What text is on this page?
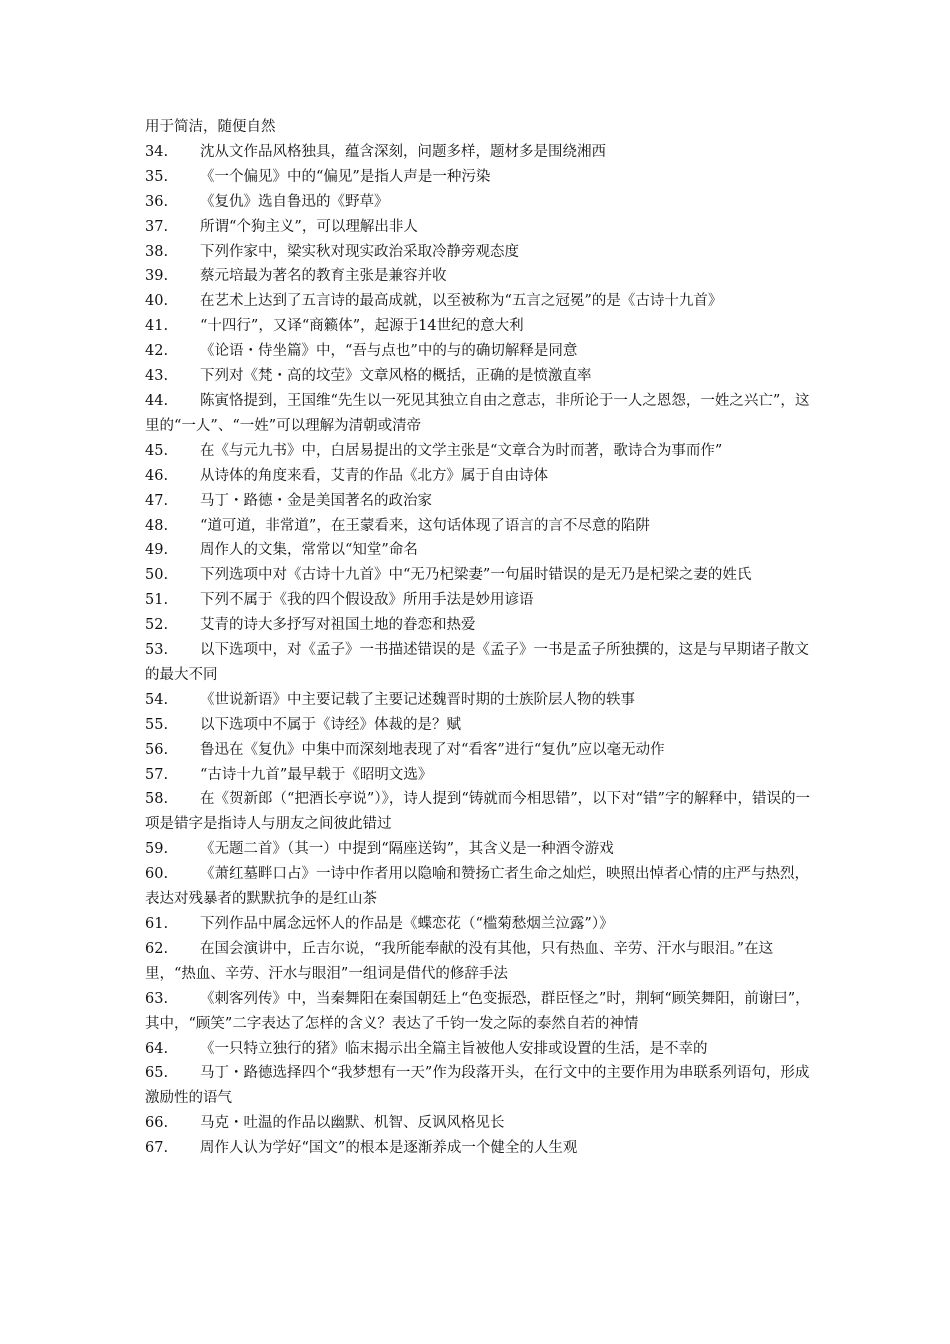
用于简洁，随便自然

34. 沈从文作品风格独具，蕴含深刻，问题多样，题材多是围绕湘西

35. 《一个偏见》中的“偏见”是指人声是一种污染

36. 《复仇》选自鲁迅的《野草》

37. 所谓“个狗主义”，可以理解出非人

38. 下列作家中，梁实秋对现实政治采取冷静旁观态度

39. 蔡元培最为著名的教育主张是兼容并收

40. 在艺术上达到了五言诗的最高成就，以至被称为“五言之冠冕”的是《古诗十九首》

41. “十四行”，又译“商籁体”，起源于14世纪的意大利

42. 《论语・侍坐篇》中，“吾与点也”中的与的确切解释是同意

43. 下列对《梵・高的坟茔》文章风格的概括，正确的是愤激直率

44. 陈寅恪提到，王国维“先生以一死见其独立自由之意志，非所论于一人之恩怨，一姓之兴亡”，这里的“一人”、“一姓”可以理解为清朝或清帝

45. 在《与元九书》中，白居易提出的文学主张是“文章合为时而著，歌诗合为事而作”

46. 从诗体的角度来看，艾青的作品《北方》属于自由诗体

47. 马丁・路德・金是美国著名的政治家

48. “道可道，非常道”，在王蒙看来，这句话体现了语言的言不尽意的陷阱

49. 周作人的文集，常常以“知堂”命名

50. 下列选项中对《古诗十九首》中“无乃杞梁妻”一句届时错误的是无乃是杞梁之妻的姓氏

51. 下列不属于《我的四个假设敌》所用手法是妙用谚语

52. 艾青的诗大多抒写对祖国土地的眷恋和热爱

53. 以下选项中，对《孟子》一书描述错误的是《孟子》一书是孟子所独撰的，这是与早期诸子散文的最大不同

54. 《世说新语》中主要记载了主要记述魏晋时期的士族阶层人物的轶事

55. 以下选项中不属于《诗经》体裁的是？赋

56. 鲁迅在《复仇》中集中而深刻地表现了对“看客”进行“复仇”应以毫无动作

57. “古诗十九首”最早载于《昭明文选》

58. 在《贺新郎（“把酒长亭说”）》，诗人提到“铸就而今相思错”，以下对“错”字的解释中，错误的一项是错字是指诗人与朋友之间彼此错过

59. 《无题二首》（其一）中提到“隔座送钩”，其含义是一种酒令游戏

60. 《萧红墓畔口占》一诗中作者用以隐喻和赞扬亡者生命之灿烂，映照出悼者心情的庄严与热烈，表达对残暴者的默默抗争的是红山茶

61. 下列作品中属念远怀人的作品是《蝶恋花（“槛菊愁烟兰泣露”）》

62. 在国会演讲中，丘吉尔说，“我所能奉献的没有其他，只有热血、辛劳、汗水与眼泪。”在这里，“热血、辛劳、汗水与眼泪”一组词是借代的修辞手法

63. 《刺客列传》中，当秦舞阳在秦国朝廷上“色变振恐，群臣怪之”时，荆轲“顾笑舞阳，前谢曰”，其中，“顾笑”二字表达了怎样的含义？表达了千钧一发之际的泰然自若的神情

64. 《一只特立独行的猪》临末揭示出全篇主旨被他人安排或设置的生活，是不幸的

65. 马丁・路德选择四个“我梦想有一天”作为段落开头，在行文中的主要作用为串联系列语句，形成激励性的语气

66. 马克・吐温的作品以幽默、机智、反讽风格见长

67. 周作人认为学好“国文”的根本是逐渐养成一个健全的人生观
